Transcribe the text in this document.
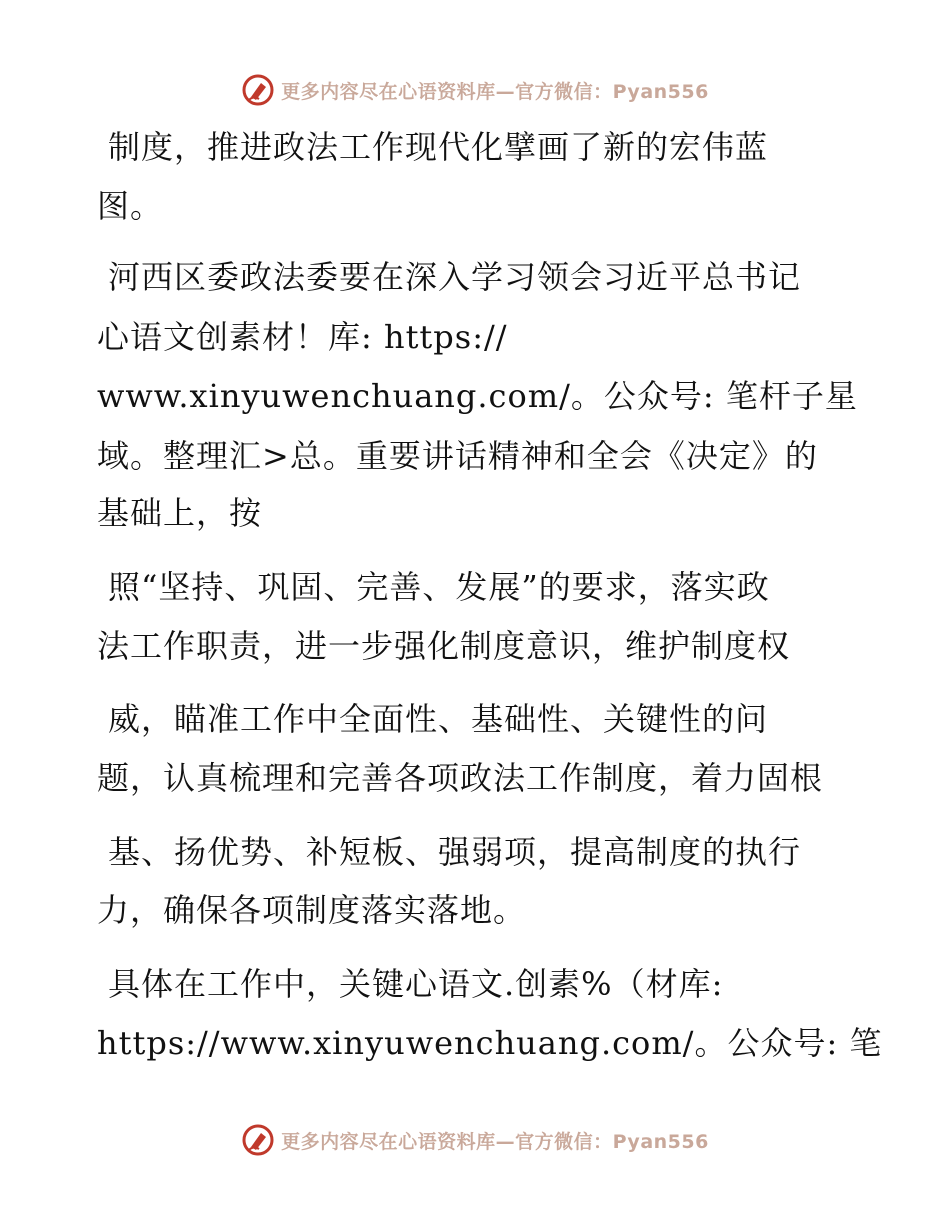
更多内容尽在心语资料库—官方微信：Pyan556
制度，推进政法工作现代化擘画了新的宏伟蓝
图。
河西区委政法委要在深入学习领会习近平总书记
心语文创素材！库: https://
www.xinyuwenchuang.com/。公众号: 笔杆子星
域。整理汇>总。重要讲话精神和全会《决定》的
基础上，按
照“坚持、巩固、完善、发展”的要求，落实政
法工作职责，进一步强化制度意识，维护制度权
威，瞄准工作中全面性、基础性、关键性的问
题，认真梳理和完善各项政法工作制度，着力固根
基、扬优势、补短板、强弱项，提高制度的执行
力，确保各项制度落实落地。
具体在工作中，关键心语文.创素%（材库:
https://www.xinyuwenchuang.com/。公众号: 笔
更多内容尽在心语资料库—官方微信：Pyan556
